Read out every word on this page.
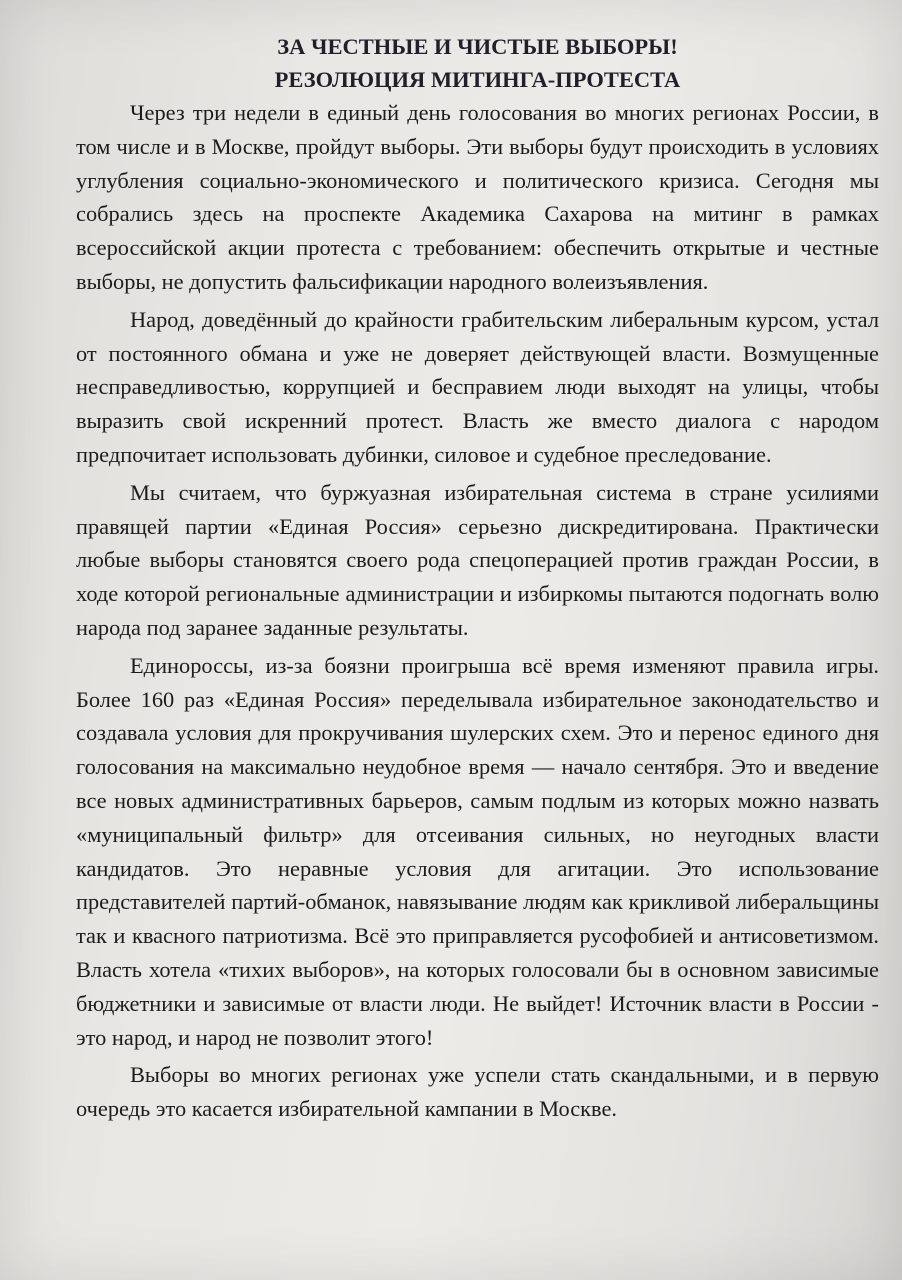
ЗА ЧЕСТНЫЕ И ЧИСТЫЕ ВЫБОРЫ!
РЕЗОЛЮЦИЯ МИТИНГА-ПРОТЕСТА

Через три недели в единый день голосования во многих регионах России, в том числе и в Москве, пройдут выборы. Эти выборы будут происходить в условиях углубления социально-экономического и политического кризиса. Сегодня мы собрались здесь на проспекте Академика Сахарова на митинг в рамках всероссийской акции протеста с требованием: обеспечить открытые и честные выборы, не допустить фальсификации народного волеизъявления.

Народ, доведённый до крайности грабительским либеральным курсом, устал от постоянного обмана и уже не доверяет действующей власти. Возмущенные несправедливостью, коррупцией и бесправием люди выходят на улицы, чтобы выразить свой искренний протест. Власть же вместо диалога с народом предпочитает использовать дубинки, силовое и судебное преследование.

Мы считаем, что буржуазная избирательная система в стране усилиями правящей партии «Единая Россия» серьезно дискредитирована. Практически любые выборы становятся своего рода спецоперацией против граждан России, в ходе которой региональные администрации и избиркомы пытаются подогнать волю народа под заранее заданные результаты.

Единороссы, из-за боязни проигрыша всё время изменяют правила игры. Более 160 раз «Единая Россия» переделывала избирательное законодательство и создавала условия для прокручивания шулерских схем. Это и перенос единого дня голосования на максимально неудобное время — начало сентября. Это и введение все новых административных барьеров, самым подлым из которых можно назвать «муниципальный фильтр» для отсеивания сильных, но неугодных власти кандидатов. Это неравные условия для агитации. Это использование представителей партий-обманок, навязывание людям как крикливой либеральщины так и квасного патриотизма. Всё это приправляется русофобией и антисоветизмом. Власть хотела «тихих выборов», на которых голосовали бы в основном зависимые бюджетники и зависимые от власти люди. Не выйдет! Источник власти в России - это народ, и народ не позволит этого!

Выборы во многих регионах уже успели стать скандальными, и в первую очередь это касается избирательной кампании в Москве.
